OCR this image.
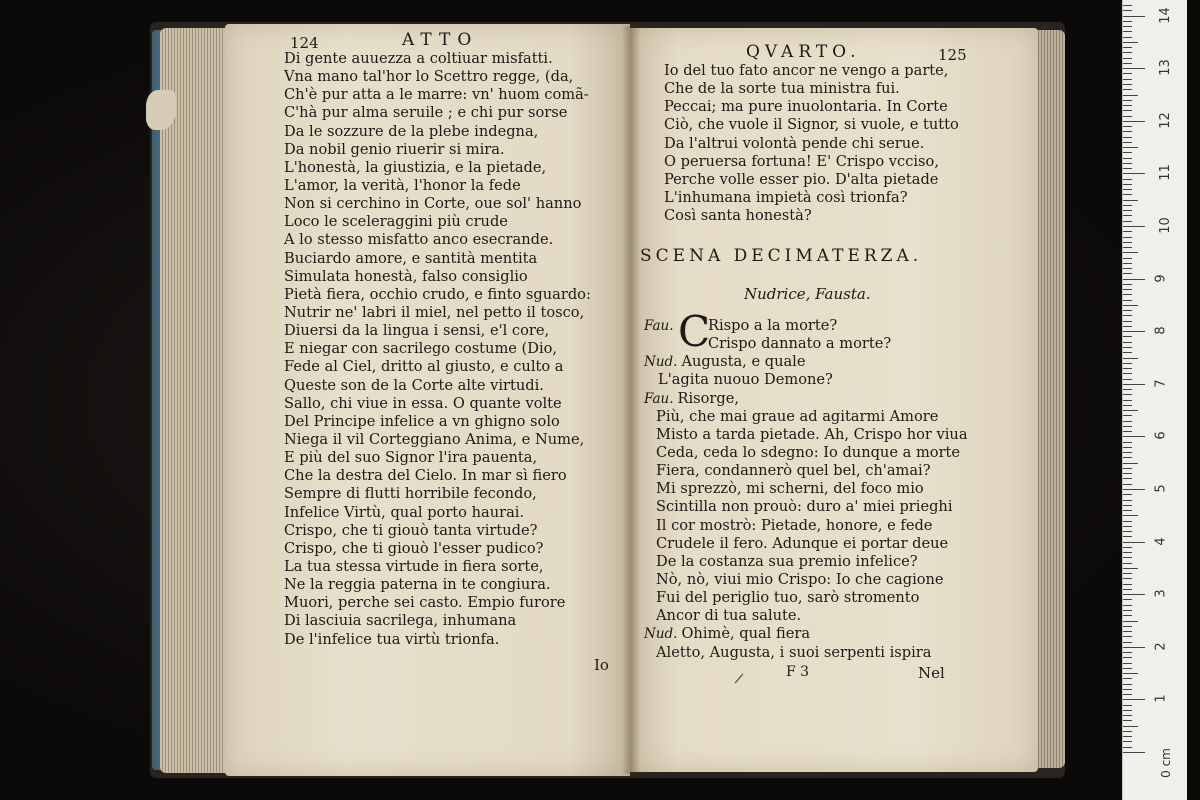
124	ATTO
Di gente auuezza a coltiuar misfatti.
Vna mano tal'hor lo Scettro regge, (da,
Ch'è pur atta a le marre: vn' huom comã-
C'hà pur alma seruile ; e chi pur sorse
Da le sozzure de la plebe indegna,
Da nobil genio riuerir si mira.
L'honestà, la giustizia, e la pietade,
L'amor, la verità, l'honor la fede
Non si cerchino in Corte, oue sol' hanno
Loco le sceleraggini più crude
A lo stesso misfatto anco esecrande.
Buciardo amore, e santità mentita
Simulata honestà, falso consiglio
Pietà fiera, occhio crudo, e finto sguardo:
Nutrir ne' labri il miel, nel petto il tosco,
Diuersi da la lingua i sensi, e'l core,
E niegar con sacrilego costume (Dio,
Fede al Ciel, dritto al giusto, e culto a
Queste son de la Corte alte virtudi.
Sallo, chi viue in essa. O quante volte
Del Principe infelice a vn ghigno solo
Niega il vil Corteggiano Anima, e Nume,
E più del suo Signor l'ira pauenta,
Che la destra del Cielo. In mar sì fiero
Sempre di flutti horribile fecondo,
Infelice Virtù, qual porto haurai.
Crispo, che ti giouò tanta virtude?
Crispo, che ti giouò l'esser pudico?
La tua stessa virtude in fiera sorte,
Ne la reggia paterna in te congiura.
Muori, perche sei casto. Empio furore
Di lasciuia sacrilega, inhumana
De l'infelice tua virtù trionfa.
Io
QVARTO.	125
Io del tuo fato ancor ne vengo a parte,
Che de la sorte tua ministra fui.
Peccai; ma pure inuolontaria. In Corte
Ciò, che vuole il Signor, si vuole, e tutto
Da l'altrui volontà pende chi serue.
O peruersa fortuna! E' Crispo vcciso,
Perche volle esser pio. D'alta pietade
L'inhumana impietà così trionfa?
Così santa honestà?
SCENA DECIMATERZA.
Nudrice, Fausta.
Fau. C
Rispo a la morte?
Crispo dannato a morte?
Nud. Augusta, e quale
L'agita nuouo Demone?
Fau. Risorge,
Più, che mai graue ad agitarmi Amore
Misto a tarda pietade. Ah, Crispo hor viua
Ceda, ceda lo sdegno: Io dunque a morte
Fiera, condannerò quel bel, ch'amai?
Mi sprezzò, mi scherni, del foco mio
Scintilla non prouò: duro a' miei prieghi
Il cor mostrò: Pietade, honore, e fede
Crudele il fero. Adunque ei portar deue
De la costanza sua premio infelice?
Nò, nò, viui mio Crispo: Io che cagione
Fui del periglio tuo, sarò stromento
Ancor di tua salute.
Nud. Ohimè, qual fiera
Aletto, Augusta, i suoi serpenti ispira
F 3	Nel
0 cm
1
2
3
4
5
6
7
8
9
10
11
12
13
14
